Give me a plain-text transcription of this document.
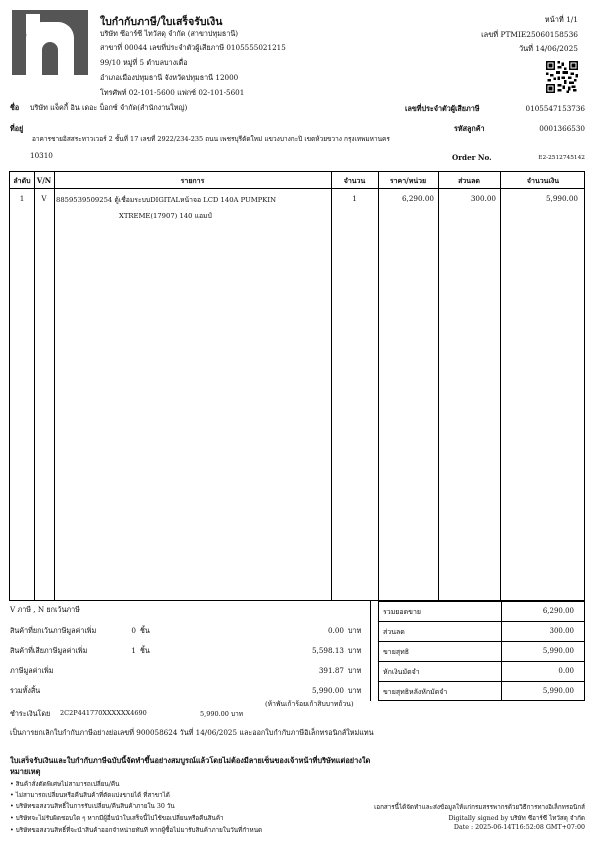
ใบกำกับภาษี/ใบเสร็จรับเงิน
บริษัท ซีอาร์ซี ไทวัสดุ จำกัด (สาขาปทุมธานี)
สาขาที่ 00044 เลขที่ประจำตัวผู้เสียภาษี 0105555021215
99/10 หมู่ที่ 5 ตำบลบางเดื่อ
อำเภอเมืองปทุมธานี จังหวัดปทุมธานี 12000
โทรศัพท์ 02-101-5600 แฟกซ์ 02-101-5601
หน้าที่ 1/1
เลขที่ PTMIE25060158536
วันที่ 14/06/2025
ชื่อ บริษัท แจ็คกี้ อิน เดอะ บ็อกซ์ จำกัด(สำนักงานใหญ่)	เลขที่ประจำตัวผู้เสียภาษี	0105547153736
ที่อยู่
อาคารชายอิสสระทาวเวอร์ 2 ชั้นที่ 17 เลขที่ 2922/234-235 ถนน เพชรบุรีตัดใหม่ แขวงบางกะปิ เขตห้วยขวาง กรุงเทพมหานคร
10310
รหัสลูกค้า	0001366530
Order No.	E2-2512745142
ลำดับ V/N	รายการ	จำนวน	ราคา/หน่วย	ส่วนลด	จำนวนเงิน
1	V	8859539509254 ตู้เชื่อมระบบDIGITALหน้าจอ LCD 140A PUMPKIN
XTREME(17907) 140 แอมป์
1	6,290.00	300.00	5,990.00
V ภาษี , N ยกเว้นภาษี
สินค้าที่ยกเว้นภาษีมูลค่าเพิ่ม	0 ชิ้น	0.00 บาท
สินค้าที่เสียภาษีมูลค่าเพิ่ม	1 ชิ้น	5,598.13 บาท
ภาษีมูลค่าเพิ่ม	391.87 บาท
รวมทั้งสิ้น	5,990.00 บาท
(ห้าพันเก้าร้อยเก้าสิบบาทถ้วน)
ชำระเงินโดย 2C2P441770XXXXXX4690	5,990.00 บาท
รวมยอดขาย	6,290.00
ส่วนลด	300.00
ขายสุทธิ	5,990.00
หักเงินมัดจำ	0.00
ขายสุทธิหลังหักมัดจำ	5,990.00
เป็นการยกเลิกใบกำกับภาษีอย่างย่อเลขที่ 900058624 วันที่ 14/06/2025 และออกใบกำกับภาษีอิเล็กทรอนิกส์ใหม่แทน
ใบเสร็จรับเงินและใบกำกับภาษีฉบับนี้จัดทำขึ้นอย่างสมบูรณ์แล้วโดยไม่ต้องมีลายเซ็นของเจ้าหน้าที่บริษัทแต่อย่างใด
หมายเหตุ
• สินค้าสั่งตัดพิเศษไม่สามารถเปลี่ยน/คืน
• ไม่สามารถเปลี่ยนหรือคืนสินค้าที่ตัดแบ่งขายได้ ที่สาขาได้
• บริษัทขอสงวนสิทธิ์ในการรับเปลี่ยน/คืนสินค้าภายใน 30 วัน
• บริษัทจะไม่รับผิดชอบใด ๆ หากมีผู้อื่นนำใบเสร็จนี้ไปใช้ขอเปลี่ยนหรือคืนสินค้า
• บริษัทขอสงวนสิทธิ์ที่จะนำสินค้าออกจำหน่ายทันที หากผู้ซื้อไม่มารับสินค้าภายในวันที่กำหนด
เอกสารนี้ได้จัดทำและส่งข้อมูลให้แก่กรมสรรพากรด้วยวิธีการทางอิเล็กทรอนิกส์
Digitally signed by บริษัท ซีอาร์ซี ไทวัสดุ จำกัด
Date : 2025-06-14T16:52:08 GMT+07:00
